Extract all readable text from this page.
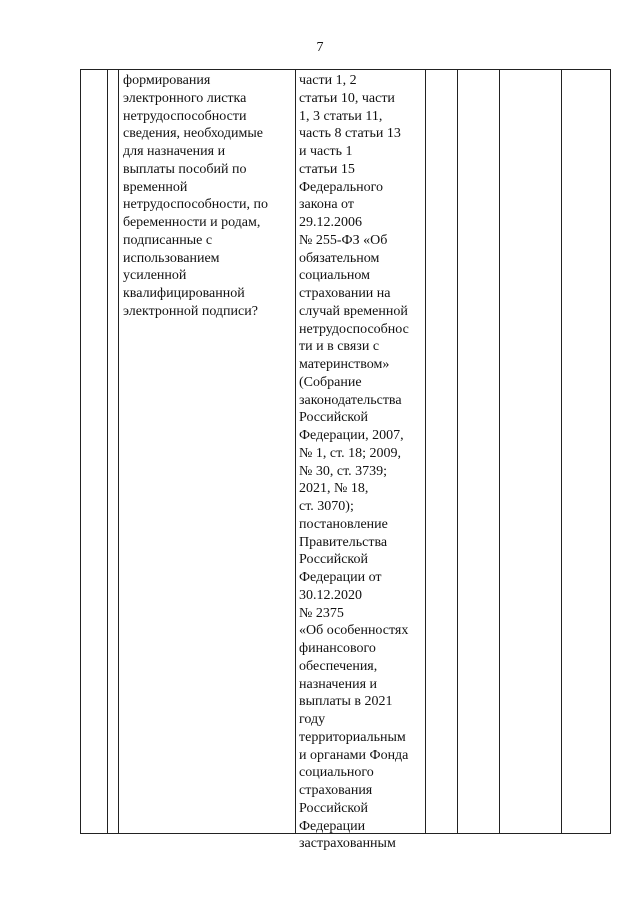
7
формирования
электронного листка
нетрудоспособности
сведения, необходимые
для назначения и
выплаты пособий по
временной
нетрудоспособности, по
беременности и родам,
подписанные с
использованием
усиленной
квалифицированной
электронной подписи?
части 1, 2
статьи 10, части
1, 3 статьи 11,
часть 8 статьи 13
и часть 1
статьи 15
Федерального
закона от
29.12.2006
№ 255-ФЗ «Об
обязательном
социальном
страховании на
случай временной
нетрудоспособнос
ти и в связи с
материнством»
(Собрание
законодательства
Российской
Федерации, 2007,
№ 1, ст. 18; 2009,
№ 30, ст. 3739;
2021, № 18,
ст. 3070);
постановление
Правительства
Российской
Федерации от
30.12.2020
№ 2375
«Об особенностях
финансового
обеспечения,
назначения и
выплаты в 2021
году
территориальным
и органами Фонда
социального
страхования
Российской
Федерации
застрахованным
